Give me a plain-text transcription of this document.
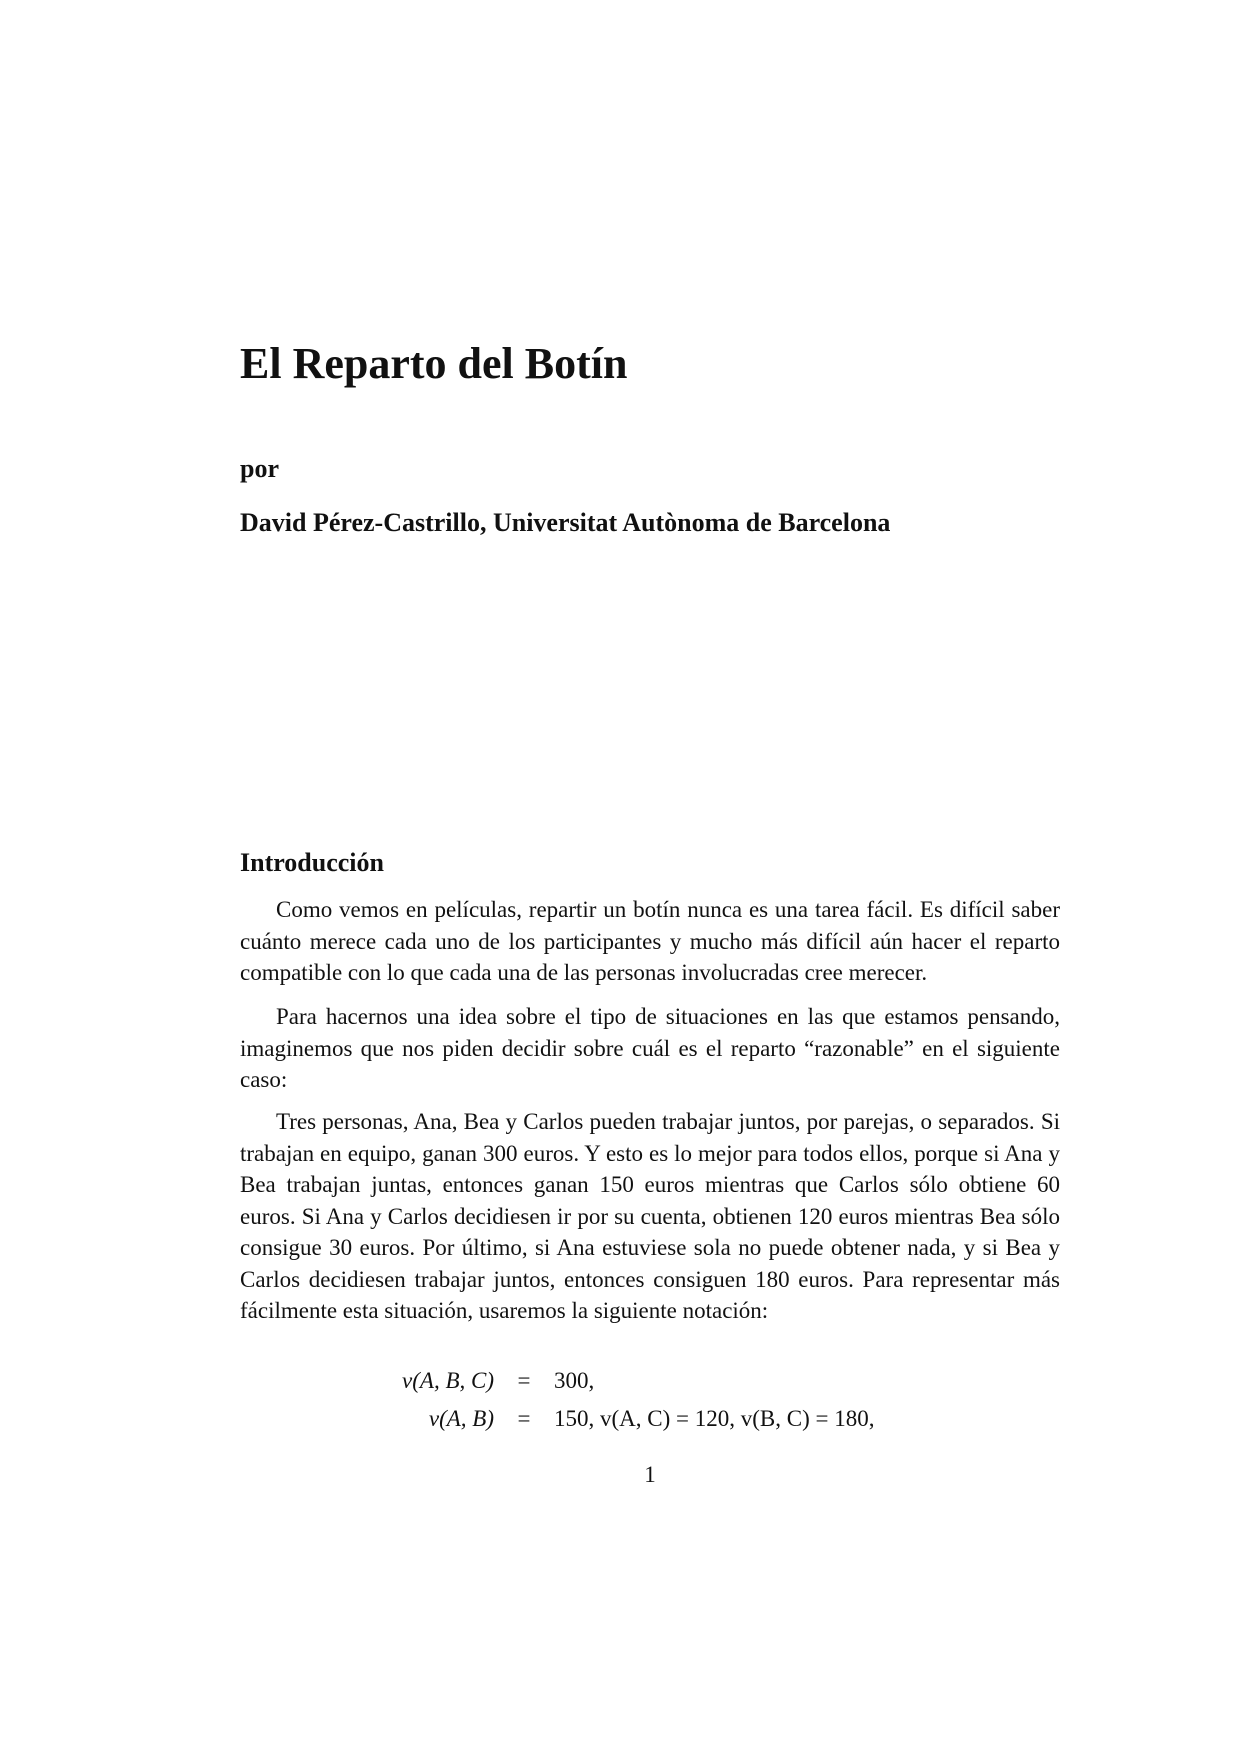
El Reparto del Botín

por

David Pérez-Castrillo, Universitat Autònoma de Barcelona

Introducción

Como vemos en películas, repartir un botín nunca es una tarea fácil. Es difícil saber cuánto merece cada uno de los participantes y mucho más difícil aún hacer el reparto compatible con lo que cada una de las personas involucradas cree merecer.

Para hacernos una idea sobre el tipo de situaciones en las que estamos pensando, imaginemos que nos piden decidir sobre cuál es el reparto “razonable” en el siguiente caso:

Tres personas, Ana, Bea y Carlos pueden trabajar juntos, por parejas, o separados. Si trabajan en equipo, ganan 300 euros. Y esto es lo mejor para todos ellos, porque si Ana y Bea trabajan juntas, entonces ganan 150 euros mientras que Carlos sólo obtiene 60 euros. Si Ana y Carlos decidiesen ir por su cuenta, obtienen 120 euros mientras Bea sólo consigue 30 euros. Por último, si Ana estuviese sola no puede obtener nada, y si Bea y Carlos decidiesen trabajar juntos, entonces consiguen 180 euros. Para representar más fácilmente esta situación, usaremos la siguiente notación:

v(A, B, C)	=	300,
v(A, B)	=	150, v(A, C) = 120, v(B, C) = 180,
1
